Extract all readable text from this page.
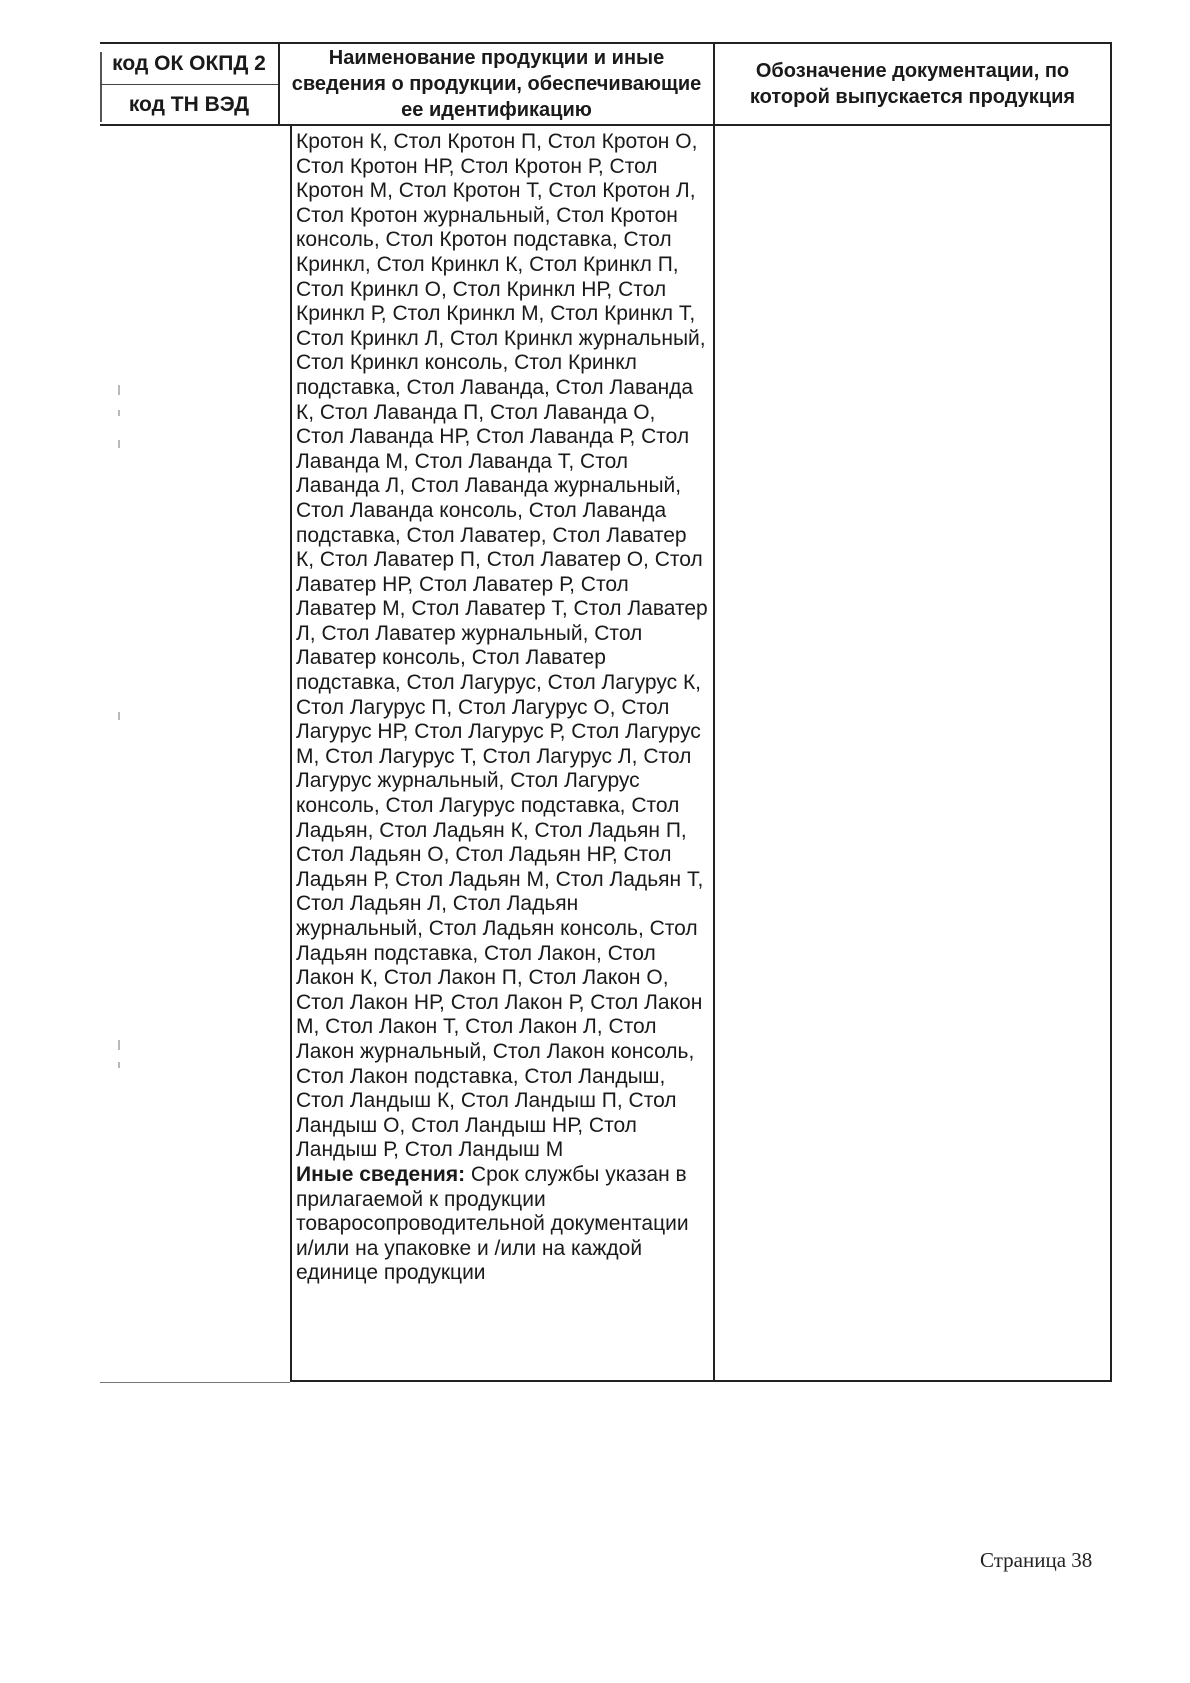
код ОК ОКПД 2
код ТН ВЭД
Наименование продукции и иные сведения о продукции, обеспечивающие ее идентификацию
Обозначение документации, по которой выпускается продукция
Кротон К, Стол Кротон П, Стол Кротон О, Стол Кротон НР, Стол Кротон Р, Стол Кротон М, Стол Кротон Т, Стол Кротон Л, Стол Кротон журнальный, Стол Кротон консоль, Стол Кротон подставка, Стол Кринкл, Стол Кринкл К, Стол Кринкл П, Стол Кринкл О, Стол Кринкл НР, Стол Кринкл Р, Стол Кринкл М, Стол Кринкл Т, Стол Кринкл Л, Стол Кринкл журнальный, Стол Кринкл консоль, Стол Кринкл подставка, Стол Лаванда, Стол Лаванда К, Стол Лаванда П, Стол Лаванда О, Стол Лаванда НР, Стол Лаванда Р, Стол Лаванда М, Стол Лаванда Т, Стол Лаванда Л, Стол Лаванда журнальный, Стол Лаванда консоль, Стол Лаванда подставка, Стол Лаватер, Стол Лаватер К, Стол Лаватер П, Стол Лаватер О, Стол Лаватер НР, Стол Лаватер Р, Стол Лаватер М, Стол Лаватер Т, Стол Лаватер Л, Стол Лаватер журнальный, Стол Лаватер консоль, Стол Лаватер подставка, Стол Лагурус, Стол Лагурус К, Стол Лагурус П, Стол Лагурус О, Стол Лагурус НР, Стол Лагурус Р, Стол Лагурус М, Стол Лагурус Т, Стол Лагурус Л, Стол Лагурус журнальный, Стол Лагурус консоль, Стол Лагурус подставка, Стол Ладьян, Стол Ладьян К, Стол Ладьян П, Стол Ладьян О, Стол Ладьян НР, Стол Ладьян Р, Стол Ладьян М, Стол Ладьян Т, Стол Ладьян Л, Стол Ладьян журнальный, Стол Ладьян консоль, Стол Ладьян подставка, Стол Лакон, Стол Лакон К, Стол Лакон П, Стол Лакон О, Стол Лакон НР, Стол Лакон Р, Стол Лакон М, Стол Лакон Т, Стол Лакон Л, Стол Лакон журнальный, Стол Лакон консоль, Стол Лакон подставка, Стол Ландыш, Стол Ландыш К, Стол Ландыш П, Стол Ландыш О, Стол Ландыш НР, Стол Ландыш Р, Стол Ландыш М
Иные сведения: Срок службы указан в прилагаемой к продукции товаросопроводительной документации и/или на упаковке и /или на каждой единице продукции
Страница 38
